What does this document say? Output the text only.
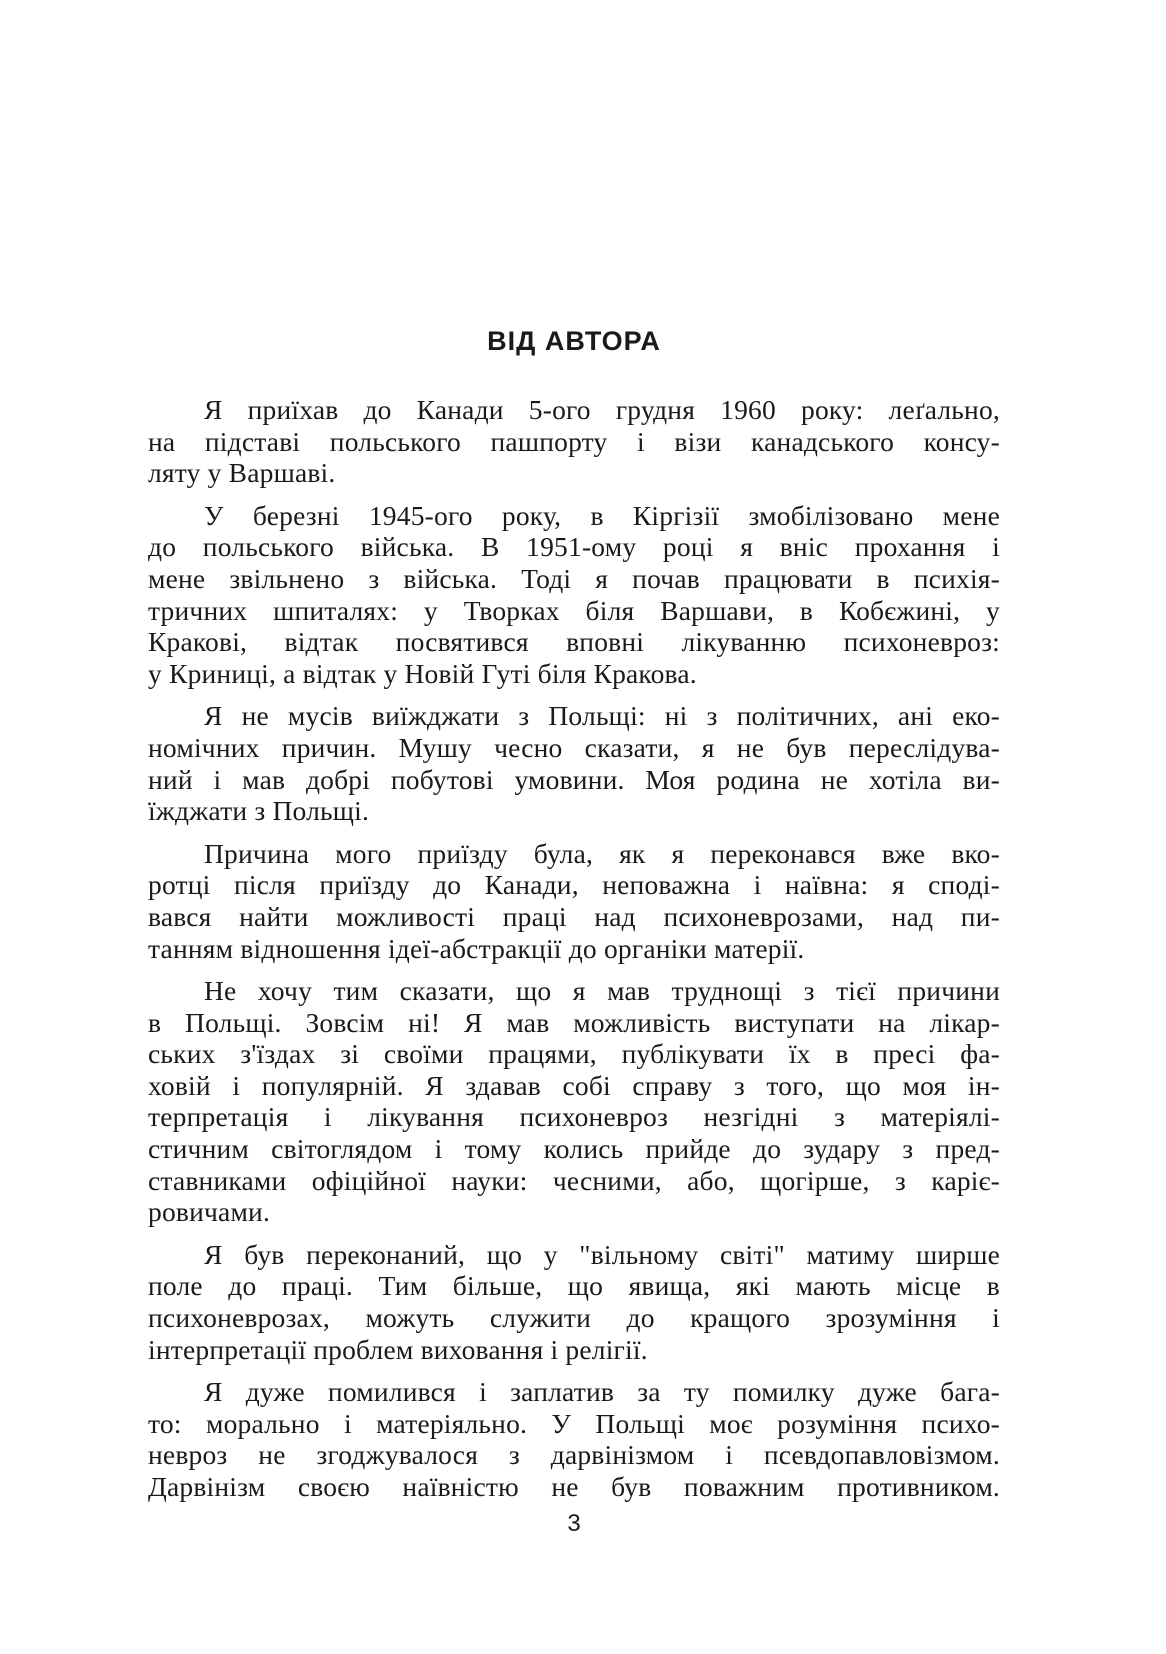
ВІД АВТОРА
Я приїхав до Канади 5-ого грудня 1960 року: леґально,
на підставі польського пашпорту і візи канадського консу-
ляту у Варшаві.
У березні 1945-ого року, в Кіргізії змобілізовано мене
до польського війська. В 1951-ому році я вніс прохання і
мене звільнено з війська. Тоді я почав працювати в психія-
тричних шпиталях: у Творках біля Варшави, в Кобєжині, у
Кракові, відтак посвятився вповні лікуванню психоневроз:
у Криниці, а відтак у Новій Гуті біля Кракова.
Я не мусів виїжджати з Польщі: ні з політичних, ані еко-
номічних причин. Мушу чесно сказати, я не був переслідува-
ний і мав добрі побутові умовини. Моя родина не хотіла ви-
їжджати з Польщі.
Причина мого приїзду була, як я переконався вже вко-
ротці після приїзду до Канади, неповажна і наївна: я сподi-
вався найти можливості праці над психоневрозами, над пи-
танням відношення ідеї-абстракції до органіки матерії.
Не хочу тим сказати, що я мав труднощі з тієї причини
в Польщі. Зовсім ні! Я мав можливість виступати на лікар-
ських з'їздах зі своїми працями, публікувати їх в пресі фа-
ховій і популярній. Я здавав собі справу з того, що моя ін-
терпретація і лікування психоневроз незгідні з матеріялі-
стичним світоглядом і тому колись прийде до зудару з пред-
ставниками офіційної науки: чесними, або, щогірше, з карiє-
ровичами.
Я був переконаний, що у "вільному світі" матиму ширше
поле до праці. Тим більше, що явища, які мають місце в
психоневрозах, можуть служити до кращого зрозуміння і
інтерпретації проблем виховання і релігії.
Я дуже помилився і заплатив за ту помилку дуже бага-
то: морально і матеріяльно. У Польщі моє розуміння психо-
невроз не згоджувалося з дарвінізмом і псевдопавловізмом.
Дарвінізм своєю наївністю не був поважним противником.
3
